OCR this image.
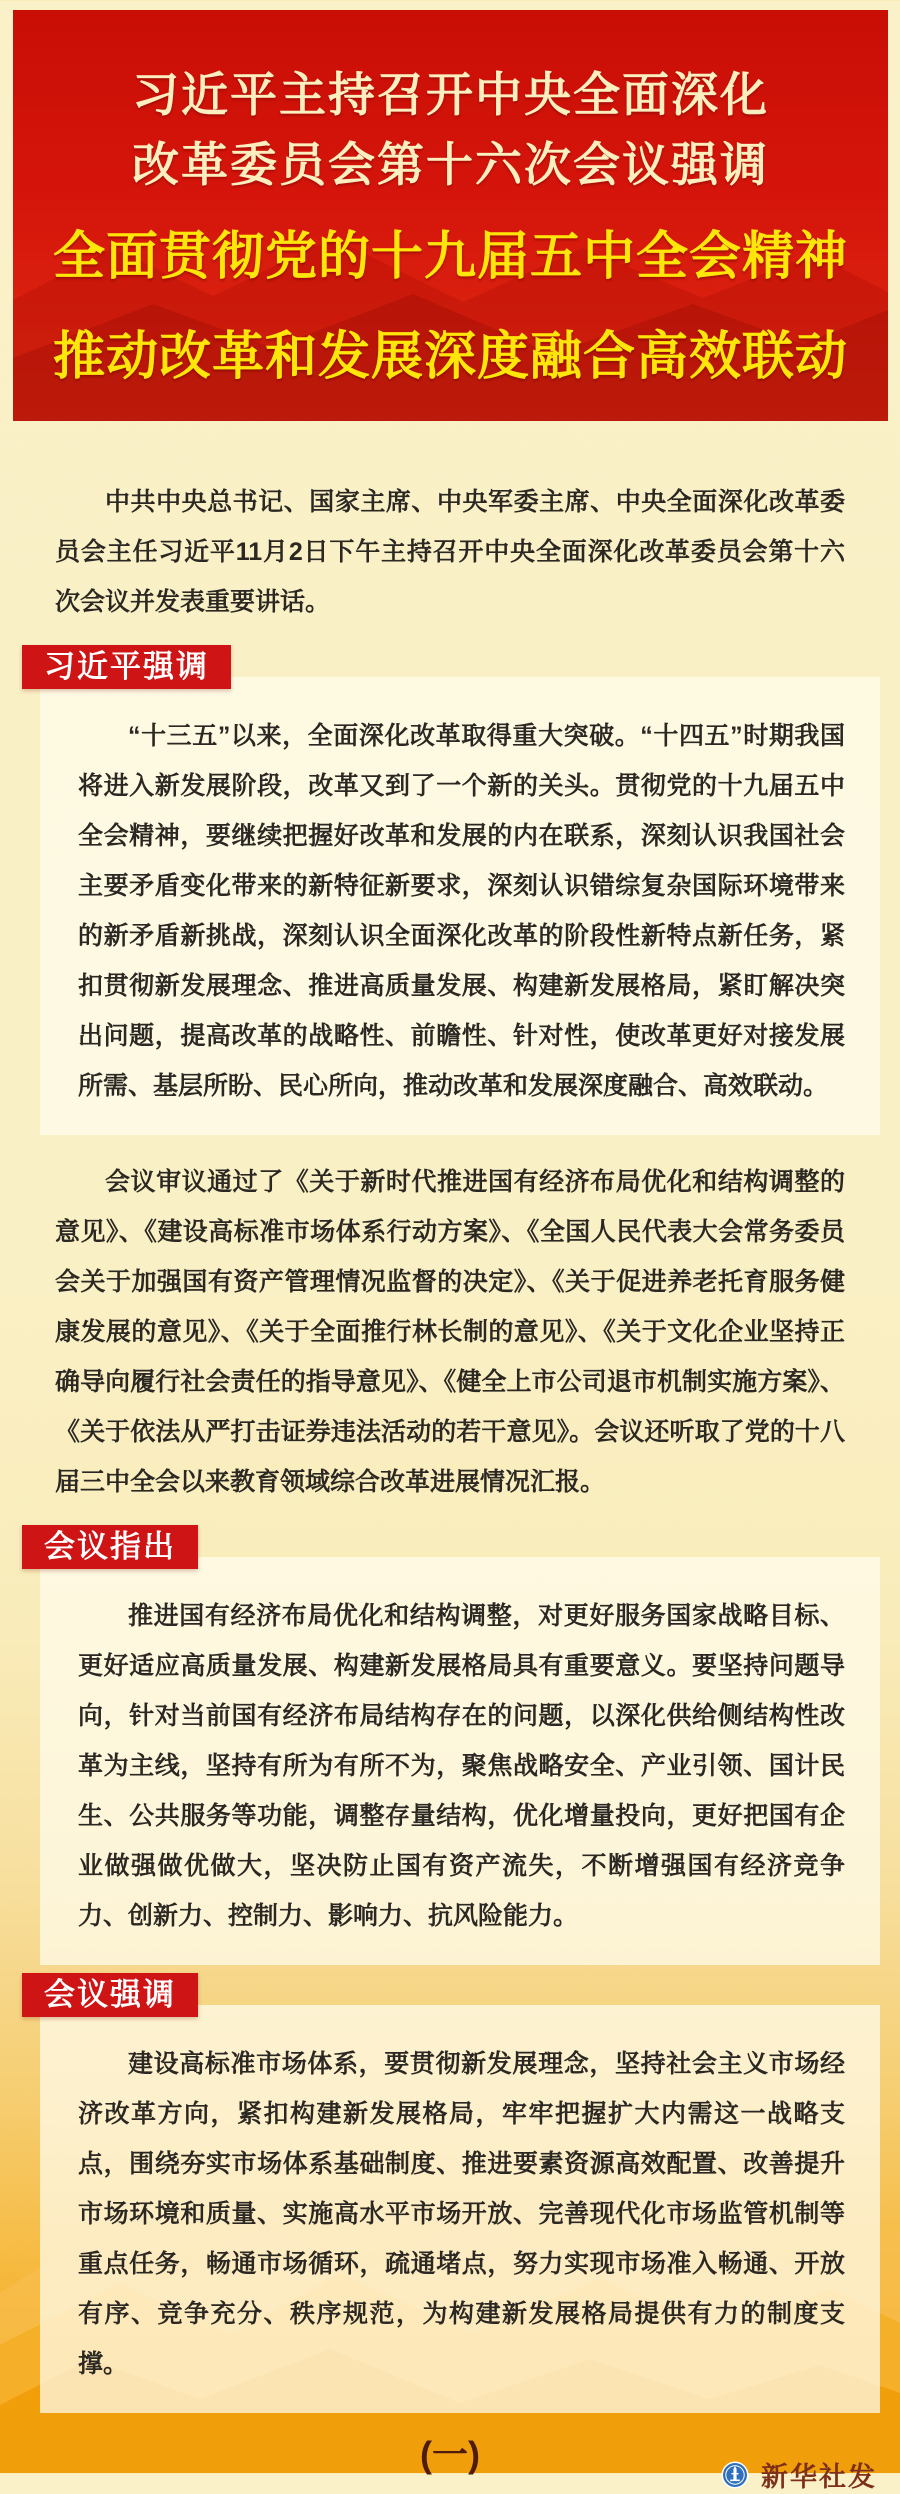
习近平主持召开中央全面深化
改革委员会第十六次会议强调
全面贯彻党的十九届五中全会精神
推动改革和发展深度融合高效联动

中共中央总书记、国家主席、中央军委主席、中央全面深化改革委员会主任习近平11月2日下午主持召开中央全面深化改革委员会第十六次会议并发表重要讲话。

习近平强调

“十三五”以来，全面深化改革取得重大突破。“十四五”时期我国将进入新发展阶段，改革又到了一个新的关头。贯彻党的十九届五中全会精神，要继续把握好改革和发展的内在联系，深刻认识我国社会主要矛盾变化带来的新特征新要求，深刻认识错综复杂国际环境带来的新矛盾新挑战，深刻认识全面深化改革的阶段性新特点新任务，紧扣贯彻新发展理念、推进高质量发展、构建新发展格局，紧盯解决突出问题，提高改革的战略性、前瞻性、针对性，使改革更好对接发展所需、基层所盼、民心所向，推动改革和发展深度融合、高效联动。

会议审议通过了《关于新时代推进国有经济布局优化和结构调整的意见》、《建设高标准市场体系行动方案》、《全国人民代表大会常务委员会关于加强国有资产管理情况监督的决定》、《关于促进养老托育服务健康发展的意见》、《关于全面推行林长制的意见》、《关于文化企业坚持正确导向履行社会责任的指导意见》、《健全上市公司退市机制实施方案》、《关于依法从严打击证券违法活动的若干意见》。会议还听取了党的十八届三中全会以来教育领域综合改革进展情况汇报。

会议指出

推进国有经济布局优化和结构调整，对更好服务国家战略目标、更好适应高质量发展、构建新发展格局具有重要意义。要坚持问题导向，针对当前国有经济布局结构存在的问题，以深化供给侧结构性改革为主线，坚持有所为有所不为，聚焦战略安全、产业引领、国计民生、公共服务等功能，调整存量结构，优化增量投向，更好把国有企业做强做优做大，坚决防止国有资产流失，不断增强国有经济竞争力、创新力、控制力、影响力、抗风险能力。

会议强调

建设高标准市场体系，要贯彻新发展理念，坚持社会主义市场经济改革方向，紧扣构建新发展格局，牢牢把握扩大内需这一战略支点，围绕夯实市场体系基础制度、推进要素资源高效配置、改善提升市场环境和质量、实施高水平市场开放、完善现代化市场监管机制等重点任务，畅通市场循环，疏通堵点，努力实现市场准入畅通、开放有序、竞争充分、秩序规范，为构建新发展格局提供有力的制度支撑。

(一)
新华社发
